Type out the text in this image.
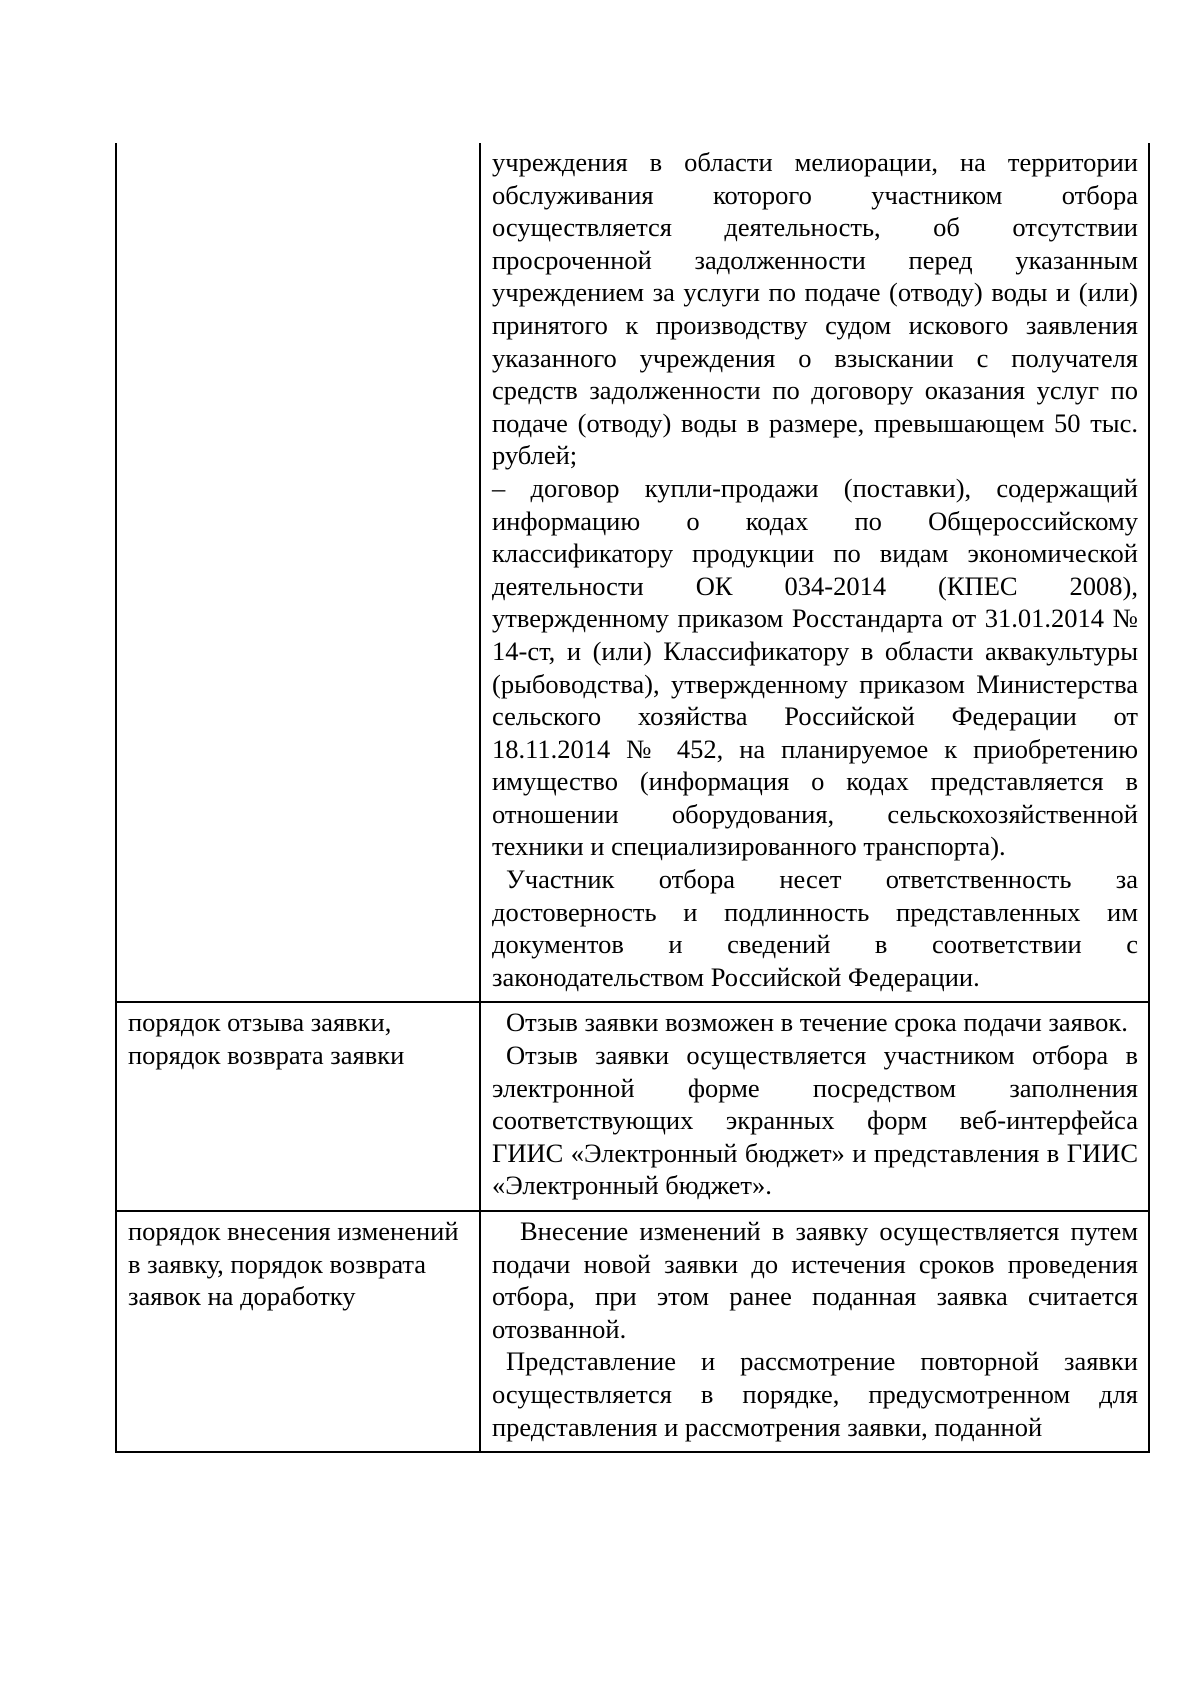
	учреждения в области мелиорации, на территории обслуживания которого участником отбора осуществляется деятельность, об отсутствии просроченной задолженности перед указанным учреждением за услуги по подаче (отводу) воды и (или) принятого к производству судом искового заявления указанного учреждения о взыскании с получателя средств задолженности по договору оказания услуг по подаче (отводу) воды в размере, превышающем 50 тыс. рублей;
– договор купли-продажи (поставки), содержащий информацию о кодах по Общероссийскому классификатору продукции по видам экономической деятельности ОК 034-2014 (КПЕС 2008), утвержденному приказом Росстандарта от 31.01.2014 № 14-ст, и (или) Классификатору в области аквакультуры (рыбоводства), утвержденному приказом Министерства сельского хозяйства Российской Федерации от 18.11.2014 № 452, на планируемое к приобретению имущество (информация о кодах представляется в отношении оборудования, сельскохозяйственной техники и специализированного транспорта).
Участник отбора несет ответственность за достоверность и подлинность представленных им документов и сведений в соответствии с законодательством Российской Федерации.

порядок отзыва заявки, порядок возврата заявки	Отзыв заявки возможен в течение срока подачи заявок.
Отзыв заявки осуществляется участником отбора в электронной форме посредством заполнения соответствующих экранных форм веб-интерфейса ГИИС «Электронный бюджет» и представления в ГИИС «Электронный бюджет».

порядок внесения изменений в заявку, порядок возврата заявок на доработку	Внесение изменений в заявку осуществляется путем подачи новой заявки до истечения сроков проведения отбора, при этом ранее поданная заявка считается отозванной.
Представление и рассмотрение повторной заявки осуществляется в порядке, предусмотренном для представления и рассмотрения заявки, поданной
